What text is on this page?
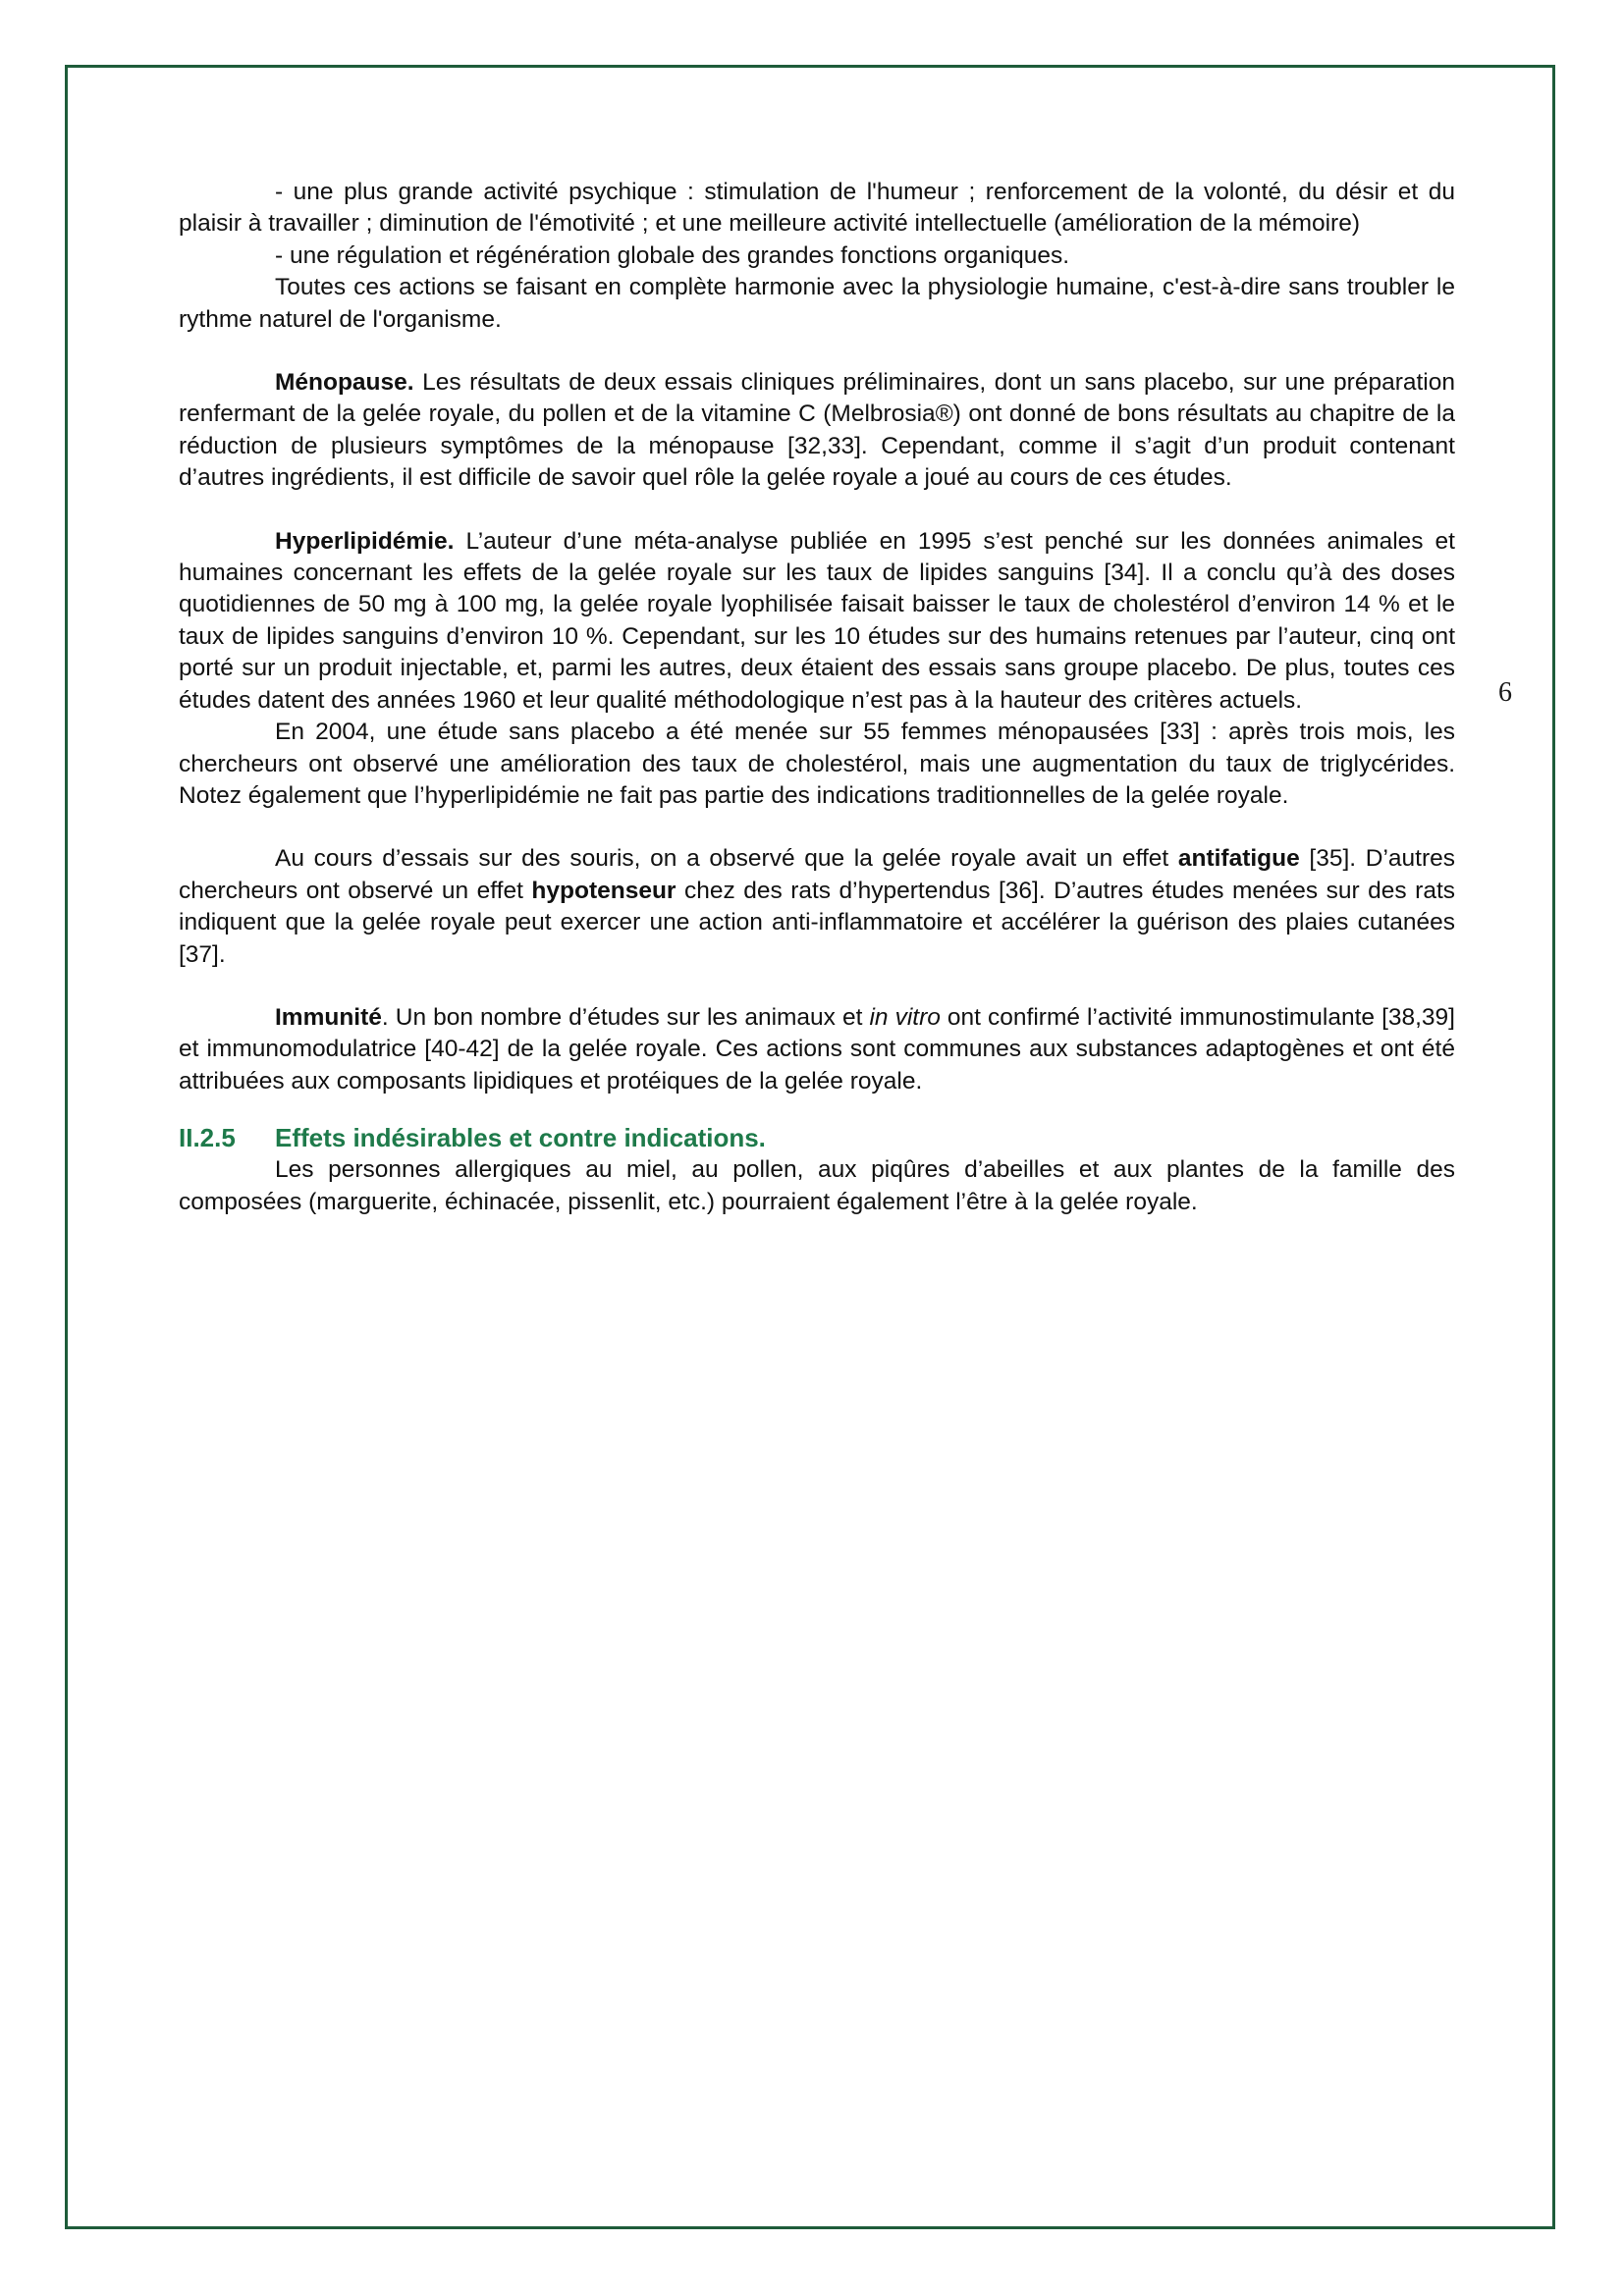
6

- une plus grande activité psychique : stimulation de l'humeur ; renforcement de la volonté, du désir et du plaisir à travailler ; diminution de l'émotivité ; et une meilleure activité intellectuelle (amélioration de la mémoire)

- une régulation et régénération globale des grandes fonctions organiques.

Toutes ces actions se faisant en complète harmonie avec la physiologie humaine, c'est-à-dire sans troubler le rythme naturel de l'organisme.

Ménopause. Les résultats de deux essais cliniques préliminaires, dont un sans placebo, sur une préparation renfermant de la gelée royale, du pollen et de la vitamine C (Melbrosia®) ont donné de bons résultats au chapitre de la réduction de plusieurs symptômes de la ménopause [32,33]. Cependant, comme il s’agit d’un produit contenant d’autres ingrédients, il est difficile de savoir quel rôle la gelée royale a joué au cours de ces études.

Hyperlipidémie. L’auteur d’une méta-analyse publiée en 1995 s’est penché sur les données animales et humaines concernant les effets de la gelée royale sur les taux de lipides sanguins [34]. Il a conclu qu’à des doses quotidiennes de 50 mg à 100 mg, la gelée royale lyophilisée faisait baisser le taux de cholestérol d’environ 14 % et le taux de lipides sanguins d’environ 10 %. Cependant, sur les 10 études sur des humains retenues par l’auteur, cinq ont porté sur un produit injectable, et, parmi les autres, deux étaient des essais sans groupe placebo. De plus, toutes ces études datent des années 1960 et leur qualité méthodologique n’est pas à la hauteur des critères actuels.

En 2004, une étude sans placebo a été menée sur 55 femmes ménopausées [33] : après trois mois, les chercheurs ont observé une amélioration des taux de cholestérol, mais une augmentation du taux de triglycérides. Notez également que l’hyperlipidémie ne fait pas partie des indications traditionnelles de la gelée royale.

Au cours d’essais sur des souris, on a observé que la gelée royale avait un effet antifatigue [35]. D’autres chercheurs ont observé un effet hypotenseur chez des rats d’hypertendus [36]. D’autres études menées sur des rats indiquent que la gelée royale peut exercer une action anti-inflammatoire et accélérer la guérison des plaies cutanées [37].

Immunité. Un bon nombre d’études sur les animaux et in vitro ont confirmé l’activité immunostimulante [38,39] et immunomodulatrice [40-42] de la gelée royale. Ces actions sont communes aux substances adaptogènes et ont été attribuées aux composants lipidiques et protéiques de la gelée royale.

II.2.5 Effets indésirables et contre indications.

Les personnes allergiques au miel, au pollen, aux piqûres d’abeilles et aux plantes de la famille des composées (marguerite, échinacée, pissenlit, etc.) pourraient également l’être à la gelée royale.
